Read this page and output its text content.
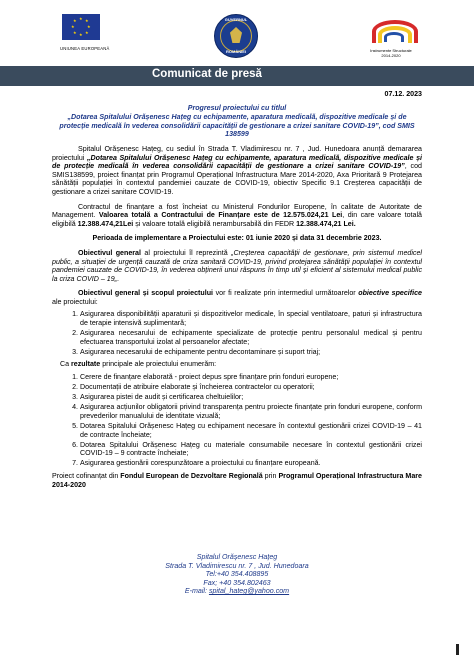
★ ★
★
★
★
★
★
★
UNIUNEA EUROPEANĂ
GUVERNUL
ROMÂNIEI	Instrumente Structurale
2014-2020
Comunicat de presă
07.12. 2023
Progresul proiectului cu titlul
„Dotarea Spitalului Orășenesc Hațeg cu echipamente, aparatura medicală, dispozitive medicale și de protecție medicală în vederea consolidării capacității de gestionare a crizei sanitare COVID-19”, cod SMIS 138599

Spitalul Orășenesc Hațeg, cu sediul în Strada T. Vladimirescu nr. 7 , Jud. Hunedoara anunță demararea proiectului „Dotarea Spitalului Orășenesc Hațeg cu echipamente, aparatura medicală, dispozitive medicale și de protecție medicală în vederea consolidării capacității de gestionare a crizei sanitare COVID-19”, cod SMIS138599, proiect finanțat prin Programul Operațional Infrastructura Mare 2014-2020, Axa Prioritară 9 Protejarea sănătății populației în contextul pandemiei cauzate de COVID-19, obiectiv Specific 9.1 Creșterea capacității de gestionare a crizei sanitare COVID-19.

Contractul de finanțare a fost încheiat cu Ministerul Fondurilor Europene, în calitate de Autoritate de Management. Valoarea totală a Contractului de Finanțare este de 12.575.024,21 Lei, din care valoare totală eligibilă 12.388.474,21Lei și valoare totală eligibilă nerambursabilă din FEDR 12.388.474,21 Lei.

Perioada de implementare a Proiectului este: 01 iunie 2020 și data 31 decembrie 2023.

Obiectivul general al proiectului îl reprezintă „Creșterea capacității de gestionare, prin sistemul medicel public, a situației de urgență cauzată de criza sanitară COVID-19, privind protejarea sănătății populației în contextul pandemiei cauzate de COVID-19, în vederea obținerii unui răspuns în timp util și eficient al sistemului medical public la criza COVID – 19„.

Obiectivul general și scopul proiectului vor fi realizate prin intermediul următoarelor obiective specifice ale proiectului:

1. Asigurarea disponibilității aparaturii și dispozitivelor medicale, în special ventilatoare, paturi și infrastructura de terapie intensivă suplimentară;
2. Asigurarea necesarului de echipamente specializate de protecție pentru personalul medical și pentru efectuarea transportului izolat al persoanelor afectate;
3. Asigurarea necesarului de echipamente pentru decontaminare și suport triaj;

Ca rezultate principale ale proiectului enumerăm:

1. Cerere de finanțare elaborată - proiect depus spre finanțare prin fonduri europene;
2. Documentații de atribuire elaborate și încheierea contractelor cu operatorii;
3. Asigurarea pistei de audit și certificarea cheltuielilor;
4. Asigurarea acțiunilor obligatorii privind transparența pentru proiecte finanțate prin fonduri europene, conform prevederilor manualului de identitate vizuală;
5. Dotarea Spitalului Orășenesc Hațeg cu echipament necesare în contextul gestionării crizei COVID-19 – 41 de contracte încheiate;
6. Dotarea Spitalului Orășenesc Hațeg cu materiale consumabile necesare în contextul gestionării crizei COVID-19 – 9 contracte încheiate;
7. Asigurarea gestionării corespunzătoare a proiectului cu finanțare europeană.

Proiect cofinanțat din Fondul European de Dezvoltare Regională prin Programul Operațional Infrastructura Mare 2014-2020

Spitalul Orășenesc Hațeg
Strada T. Vladimirescu nr. 7 , Jud. Hunedoara
Tel:+40 354.408895
Fax; +40 354.802463
E-mail: spital_hateg@yahoo.com
